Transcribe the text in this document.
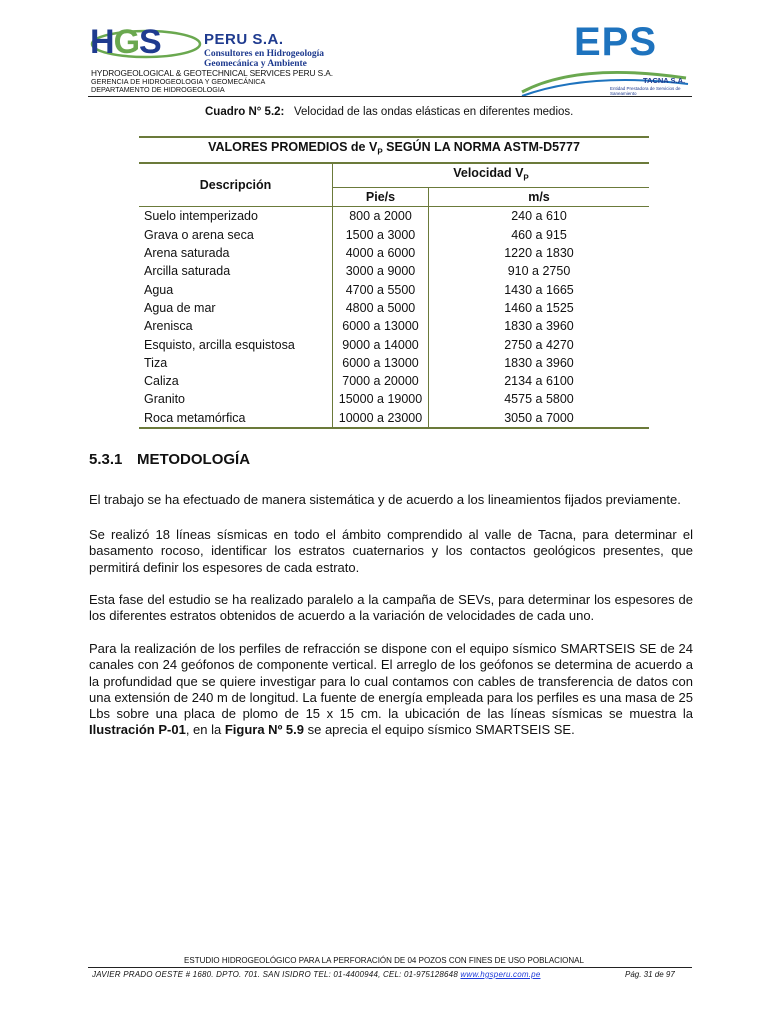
HGS	PERU S.A.
Consultores en Hidrogeología
Geomecánica y Ambiente
HYDROGEOLOGICAL & GEOTECHNICAL SERVICES PERU S.A.
GERENCIA DE HIDROGEOLOGIA Y GEOMECÁNICA
DEPARTAMENTO DE HIDROGEOLOGIA
EPS
TACNA S.A.
Entidad Prestadora de Servicios de Saneamiento
Cuadro N° 5.2: Velocidad de las ondas elásticas en diferentes medios.
VALORES PROMEDIOS de $V_P$ SEGÚN LA NORMA ASTM-D5777		
Descripción	Velocidad $V_P$
	Pie/s	m/s
Suelo intemperizado	800 a 2000	240 a 610
Grava o arena seca	1500 a 3000	460 a 915
Arena saturada	4000 a 6000	1220 a 1830
Arcilla saturada	3000 a 9000	910 a 2750
Agua	4700 a 5500	1430 a 1665
Agua de mar	4800 a 5000	1460 a 1525
Arenisca	6000 a 13000	1830 a 3960
Esquisto, arcilla esquistosa	9000 a 14000	2750 a 4270
Tiza	6000 a 13000	1830 a 3960
Caliza	7000 a 20000	2134 a 6100
Granito	15000 a 19000	4575 a 5800
Roca metamórfica	10000 a 23000	3050 a 7000
5.3.1 METODOLOGÍA
El trabajo se ha efectuado de manera sistemática y de acuerdo a los lineamientos fijados previamente.
Se realizó 18 líneas sísmicas en todo el ámbito comprendido al valle de Tacna, para determinar el basamento rocoso, identificar los estratos cuaternarios y los contactos geológicos presentes, que permitirá definir los espesores de cada estrato.
Esta fase del estudio se ha realizado paralelo a la campaña de SEVs, para determinar los espesores de los diferentes estratos obtenidos de acuerdo a la variación de velocidades de cada uno.
Para la realización de los perfiles de refracción se dispone con el equipo sísmico SMARTSEIS SE de 24 canales con 24 geófonos de componente vertical. El arreglo de los geófonos se determina de acuerdo a la profundidad que se quiere investigar para lo cual contamos con cables de transferencia de datos con una extensión de 240 m de longitud. La fuente de energía empleada para los perfiles es una masa de 25 Lbs sobre una placa de plomo de 15 x 15 cm. la ubicación de las líneas sísmicas se muestra la Ilustración P-01, en la Figura Nº 5.9 se aprecia el equipo sísmico SMARTSEIS SE.
ESTUDIO HIDROGEOLÓGICO PARA LA PERFORACIÓN DE 04 POZOS CON FINES DE USO POBLACIONAL
JAVIER PRADO OESTE # 1680. DPTO. 701. SAN ISIDRO TEL: 01-4400944, CEL: 01-975128648 www.hgsperu.com.pe	Pág. 31 de 97
